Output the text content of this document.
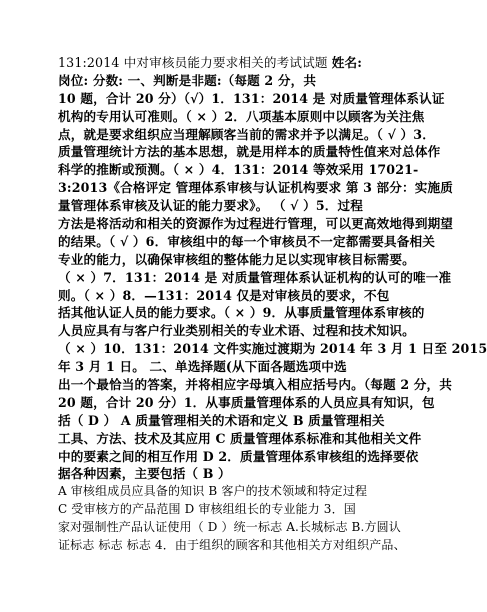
131:2014 中对审核员能力要求相关的考试试题 姓名:
岗位: 分数: 一、判断是非题:（每题 2 分，共
10 题，合计 20 分）（√）1．131：2014 是 对质量管理体系认证
机构的专用认可准则。（ × ）2．八项基本原则中以顾客为关注焦
点，就是要求组织应当理解顾客当前的需求并予以满足。（ √ ）3．
质量管理统计方法的基本思想，就是用样本的质量特性值来对总体作
科学的推断或预测。（ × ）4．131：2014 等效采用 17021-
3:2013《合格评定 管理体系审核与认证机构要求 第 3 部分：实施质
量管理体系审核及认证的能力要求》。 （ √ ）5．过程
方法是将活动和相关的资源作为过程进行管理，可以更高效地得到期望
的结果。（ √ ）6．审核组中的每一个审核员不一定都需要具备相关
专业的能力，以确保审核组的整体能力足以实现审核目标需要。
（ × ）7．131：2014 是 对质量管理体系认证机构的认可的唯一准
则。（ × ）8．—131：2014 仅是对审核员的要求，不包
括其他认证人员的能力要求。（ × ）9．从事质量管理体系审核的
人员应具有与客户行业类别相关的专业术语、过程和技术知识。
（ × ）10．131：2014 文件实施过渡期为 2014 年 3 月 1 日至 2015
年 3 月 1 日。 二、单选择题(从下面各题选项中选
出一个最恰当的答案，并将相应字母填入相应括号内。（每题 2 分，共
20 题，合计 20 分）1．从事质量管理体系的人员应具有知识，包
括（ D ） A 质量管理相关的术语和定义 B 质量管理相关
工具、方法、技术及其应用 C 质量管理体系标准和其他相关文件
中的要素之间的相互作用 D 2．质量管理体系审核组的选择要依
据各种因素，主要包括（ B ）
A 审核组成员应具备的知识 B 客户的技术领域和特定过程
C 受审核方的产品范围 D 审核组组长的专业能力 3．国
家对强制性产品认证使用（ D ）统一标志 A.长城标志 B.方圆认
证标志 标志 标志 4．由于组织的顾客和其他相关方对组织产品、
